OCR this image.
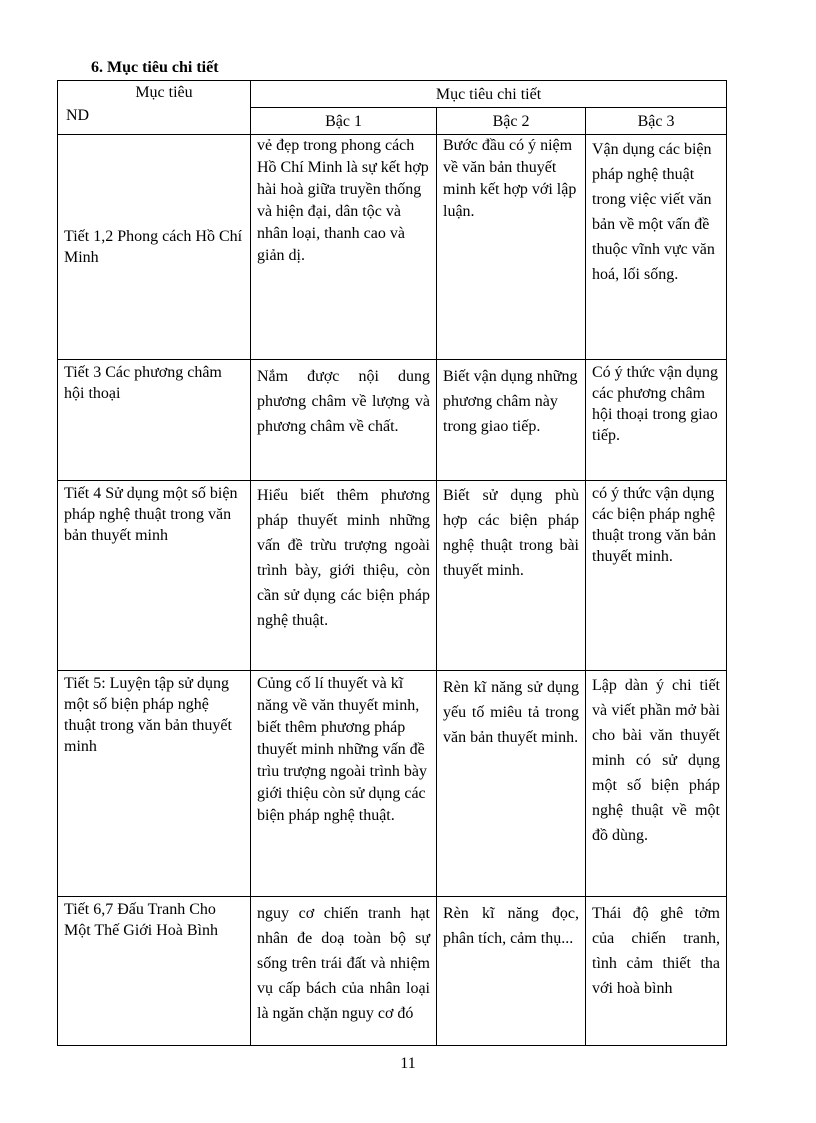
6. Mục tiêu chi tiết
Mục tiêu
ND	Mục tiêu chi tiết		
	Bậc 1	Bậc 2	Bậc 3
Tiết 1,2 Phong cách Hồ Chí Minh	vẻ đẹp trong phong cách Hồ Chí Minh là sự kết hợp hài hoà giữa truyền thống và hiện đại, dân tộc và nhân loại, thanh cao và giản dị.	Bước đầu có ý niệm về văn bản thuyết minh kết hợp với lập luận.	Vận dụng các biện pháp nghệ thuật trong việc viết văn bản về một vấn đề thuộc vĩnh vực văn hoá, lối sống.
Tiết 3 Các phương châm hội thoại	Nắm được nội dung phương châm về lượng và phương châm về chất.	Biết vận dụng những phương châm này trong giao tiếp.	Có ý thức vận dụng các phương châm hội thoại trong giao tiếp.
Tiết 4 Sử dụng một số biện pháp nghệ thuật trong văn bản thuyết minh	Hiểu biết thêm phương pháp thuyết minh những vấn đề trừu trượng ngoài trình bày, giới thiệu, còn cần sử dụng các biện pháp nghệ thuật.	Biết sử dụng phù hợp các biện pháp nghệ thuật trong bài thuyết minh.	có ý thức vận dụng các biện pháp nghệ thuật trong văn bản thuyết minh.
Tiết 5: Luyện tập sử dụng một số biện pháp nghệ thuật trong văn bản thuyết minh	Củng cố lí thuyết và kĩ năng về văn thuyết minh, biết thêm phương pháp thuyết minh những vấn đề trìu trượng ngoài trình bày giới thiệu còn sử dụng các biện pháp nghệ thuật.	Rèn kĩ năng sử dụng yếu tố miêu tả trong văn bản thuyết minh.	Lập dàn ý chi tiết và viết phần mở bài cho bài văn thuyết minh có sử dụng một số biện pháp nghệ thuật về một đồ dùng.
Tiết 6,7 Đấu Tranh Cho Một Thế Giới Hoà Bình	nguy cơ chiến tranh hạt nhân đe doạ toàn bộ sự sống trên trái đất và nhiệm vụ cấp bách của nhân loại là ngăn chặn nguy cơ đó	Rèn kĩ năng đọc, phân tích, cảm thụ...	Thái độ ghê tởm của chiến tranh, tình cảm thiết tha với hoà bình
11
